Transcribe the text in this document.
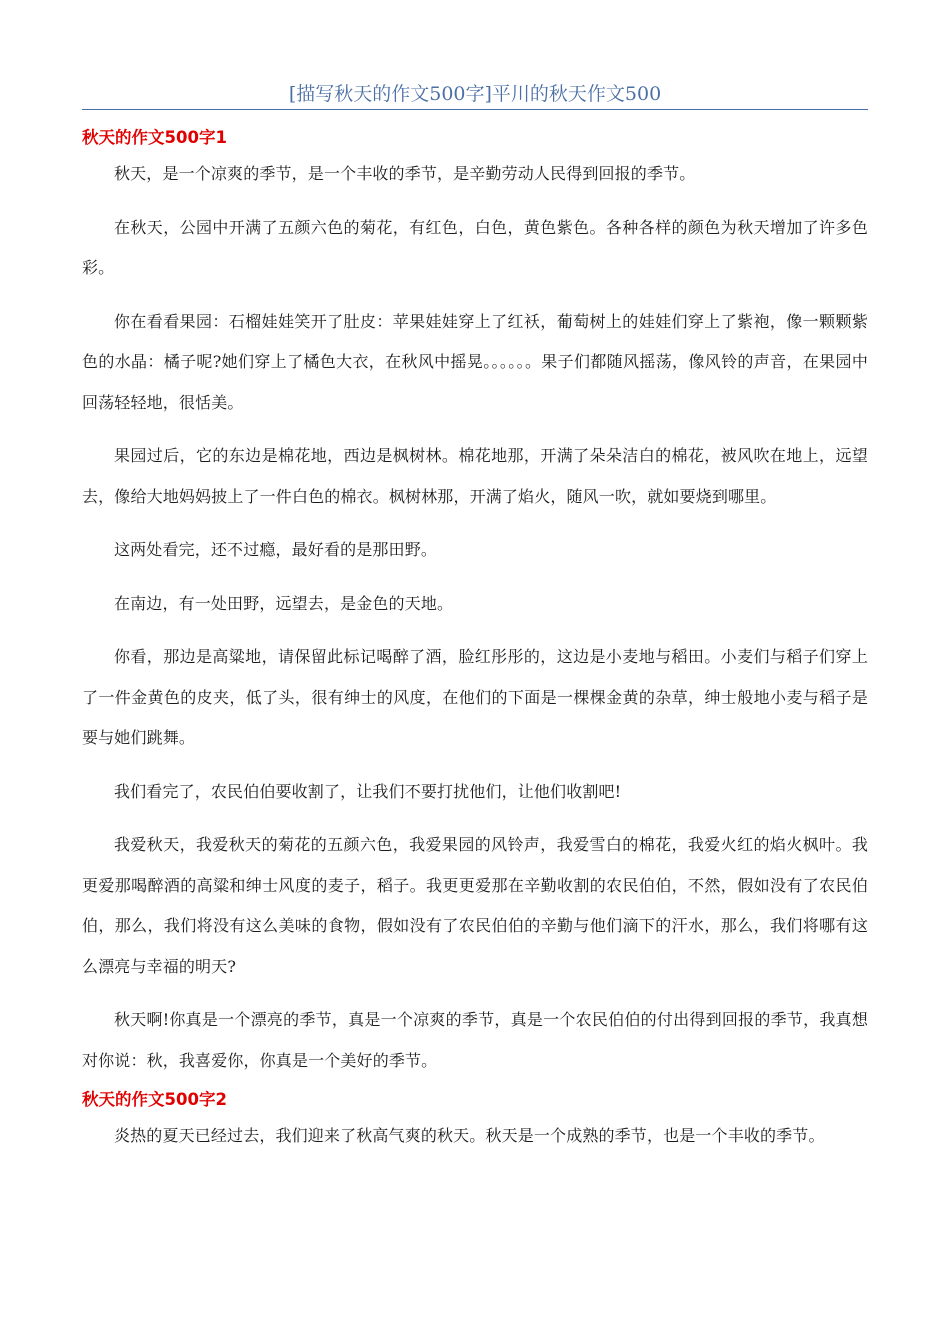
[描写秋天的作文500字]平川的秋天作文500
秋天的作文500字1

秋天，是一个凉爽的季节，是一个丰收的季节，是辛勤劳动人民得到回报的季节。

在秋天，公园中开满了五颜六色的菊花，有红色，白色，黄色紫色。各种各样的颜色为秋天增加了许多色彩。

你在看看果园：石榴娃娃笑开了肚皮：苹果娃娃穿上了红袄，葡萄树上的娃娃们穿上了紫袍，像一颗颗紫色的水晶：橘子呢?她们穿上了橘色大衣，在秋风中摇晃。。。。。。果子们都随风摇荡，像风铃的声音，在果园中回荡轻轻地，很恬美。

果园过后，它的东边是棉花地，西边是枫树林。棉花地那，开满了朵朵洁白的棉花，被风吹在地上，远望去，像给大地妈妈披上了一件白色的棉衣。枫树林那，开满了焰火，随风一吹，就如要烧到哪里。

这两处看完，还不过瘾，最好看的是那田野。

在南边，有一处田野，远望去，是金色的天地。

你看，那边是高粱地，请保留此标记喝醉了酒，脸红彤彤的，这边是小麦地与稻田。小麦们与稻子们穿上了一件金黄色的皮夹，低了头，很有绅士的风度，在他们的下面是一棵棵金黄的杂草，绅士般地小麦与稻子是要与她们跳舞。

我们看完了，农民伯伯要收割了，让我们不要打扰他们，让他们收割吧!

我爱秋天，我爱秋天的菊花的五颜六色，我爱果园的风铃声，我爱雪白的棉花，我爱火红的焰火枫叶。我更爱那喝醉酒的高粱和绅士风度的麦子，稻子。我更更爱那在辛勤收割的农民伯伯，不然，假如没有了农民伯伯，那么，我们将没有这么美味的食物，假如没有了农民伯伯的辛勤与他们滴下的汗水，那么，我们将哪有这么漂亮与幸福的明天?

秋天啊!你真是一个漂亮的季节，真是一个凉爽的季节，真是一个农民伯伯的付出得到回报的季节，我真想对你说：秋，我喜爱你，你真是一个美好的季节。

秋天的作文500字2

炎热的夏天已经过去，我们迎来了秋高气爽的秋天。秋天是一个成熟的季节，也是一个丰收的季节。
